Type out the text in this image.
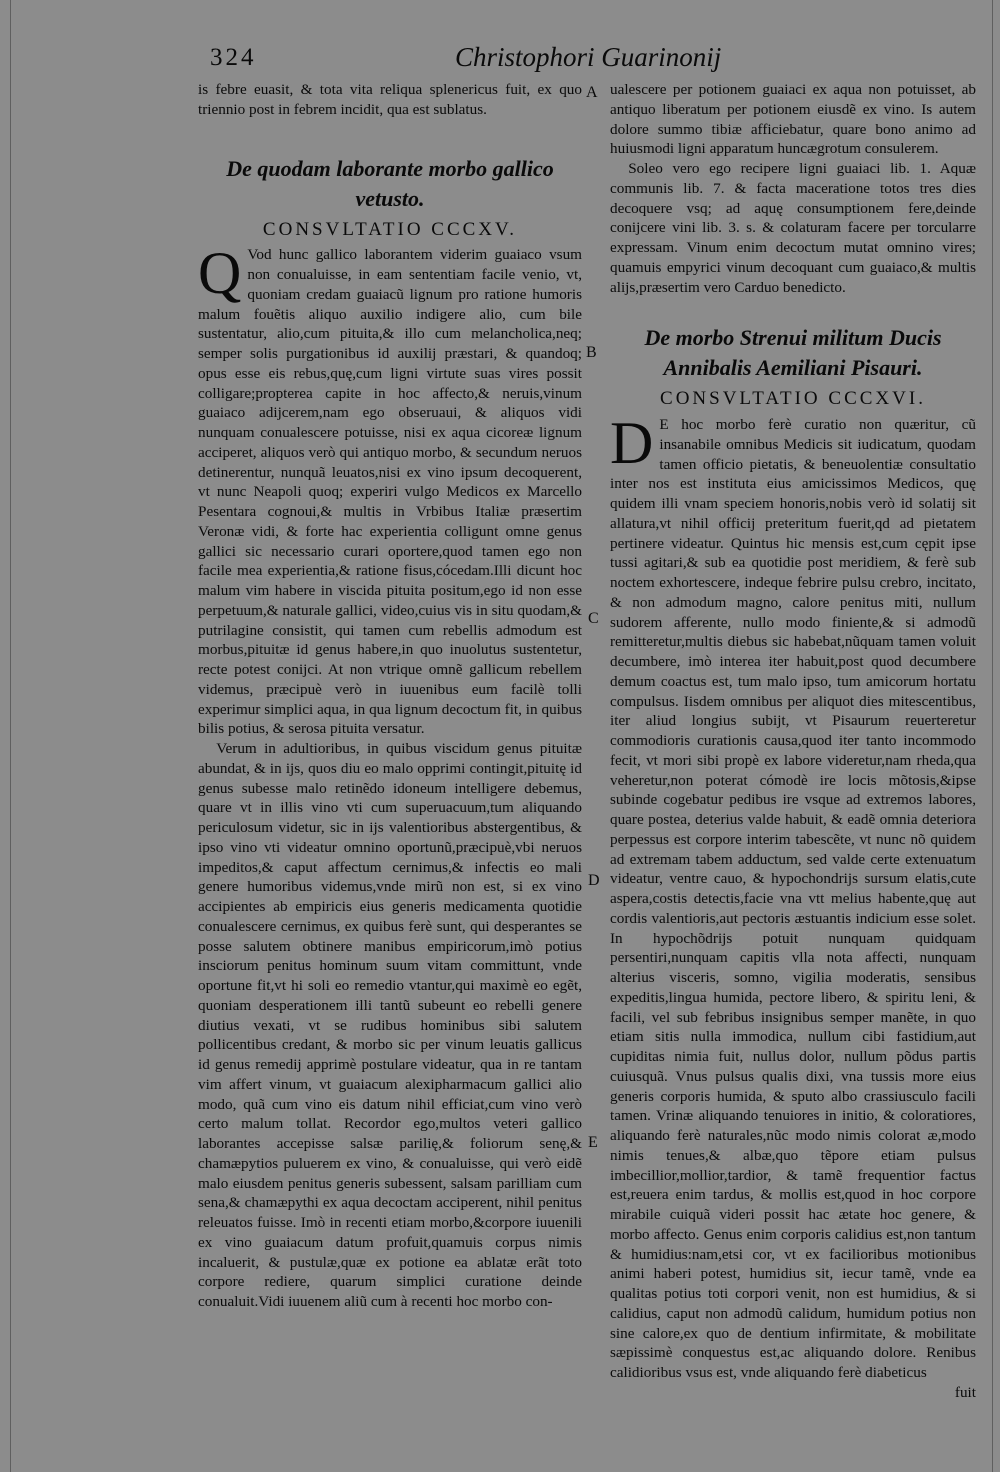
324	Christophori Guarinonij

is febre euasit, & tota vita reliqua splenericus fuit, ex quo triennio post in febrem incidit, qua est sublatus.

De quodam laborante morbo gallico vetusto.
CONSVLTATIO CCCXV.

Q Vod hunc gallico laborantem viderim guaiaco vsum non conualuisse, in eam sententiam facile venio, vt, quoniam credam guaiacũ lignum pro ratione humoris malum fouẽtis aliquo auxilio indigere alio, cum bile sustentatur, alio,cum pituita,& illo cum melancholica,neq; semper solis purgationibus id auxilij præstari, & quandoq; opus esse eis rebus,quę,cum ligni virtute suas vires possit colligare;propterea capite in hoc affecto,& neruis,vinum guaiaco adijcerem,nam ego obseruaui, & aliquos vidi nunquam conualescere potuisse, nisi ex aqua cicoreæ lignum acciperet, aliquos verò qui antiquo morbo, & secundum neruos detinerentur, nunquã leuatos,nisi ex vino ipsum decoquerent, vt nunc Neapoli quoq; experiri vulgo Medicos ex Marcello Pesentara cognoui,& multis in Vrbibus Italiæ præsertim Veronæ vidi, & forte hac experientia colligunt omne genus gallici sic necessario curari oportere,quod tamen ego non facile mea experientia,& ratione fisus,cócedam.Illi dicunt hoc malum vim habere in viscida pituita positum,ego id non esse perpetuum,& naturale gallici, video,cuius vis in situ quodam,& putrilagine consistit, qui tamen cum rebellis admodum est morbus,pituitæ id genus habere,in quo inuolutus sustentetur, recte potest conijci. At non vtrique omnẽ gallicum rebellem videmus, præcipuè verò in iuuenibus eum facilè tolli experimur simplici aqua, in qua lignum decoctum fit, in quibus bilis potius, & serosa pituita versatur.

Verum in adultioribus, in quibus viscidum genus pituitæ abundat, & in ijs, quos diu eo malo opprimi contingit,pituitę id genus subesse malo retinẽdo idoneum intelligere debemus, quare vt in illis vino vti cum superuacuum,tum aliquando periculosum videtur, sic in ijs valentioribus abstergentibus, & ipso vino vti videatur omnino oportunũ,præcipuè,vbi neruos impeditos,& caput affectum cernimus,& infectis eo mali genere humoribus videmus,vnde mirũ non est, si ex vino accipientes ab empiricis eius generis medicamenta quotidie conualescere cernimus, ex quibus ferè sunt, qui desperantes se posse salutem obtinere manibus empiricorum,imò potius insciorum penitus hominum suum vitam committunt, vnde oportune fit,vt hi soli eo remedio vtantur,qui maximè eo egẽt, quoniam desperationem illi tantũ subeunt eo rebelli genere diutius vexati, vt se rudibus hominibus sibi salutem pollicentibus credant, & morbo sic per vinum leuatis gallicus id genus remedij apprimè postulare videatur, qua in re tantam vim affert vinum, vt guaiacum alexipharmacum gallici alio modo, quã cum vino eis datum nihil efficiat,cum vino verò certo malum tollat. Recordor ego,multos veteri gallico laborantes accepisse salsæ parilię,& foliorum senę,& chamæpytios puluerem ex vino, & conualuisse, qui verò eidẽ malo eiusdem penitus generis subessent, salsam parilliam cum sena,& chamæpythi ex aqua decoctam acciperent, nihil penitus releuatos fuisse. Imò in recenti etiam morbo,&corpore iuuenili ex vino guaiacum datum profuit,quamuis corpus nimis incaluerit, & pustulæ,quæ ex potione ea ablatæ erãt toto corpore rediere, quarum simplici curatione deinde conualuit.Vidi iuuenem aliũ cum à recenti hoc morbo con-

ualescere per potionem guaiaci ex aqua non potuisset, ab antiquo liberatum per potionem eiusdẽ ex vino. Is autem dolore summo tibiæ afficiebatur, quare bono animo ad huiusmodi ligni apparatum huncægrotum consulerem.

Soleo vero ego recipere ligni guaiaci lib. 1. Aquæ communis lib. 7. & facta maceratione totos tres dies decoquere vsq; ad aquę consumptionem fere,deinde conijcere vini lib. 3. s. & colaturam facere per torcularre expressam. Vinum enim decoctum mutat omnino vires; quamuis empyrici vinum decoquant cum guaiaco,& multis alijs,præsertim vero Carduo benedicto.

De morbo Strenui militum Ducis Annibalis Aemiliani Pisauri.
CONSVLTATIO CCCXVI.

D E hoc morbo ferè curatio non quæritur, cũ insanabile omnibus Medicis sit iudicatum, quodam tamen officio pietatis, & beneuolentiæ consultatio inter nos est instituta eius amicissimos Medicos, quę quidem illi vnam speciem honoris,nobis verò id solatij sit allatura,vt nihil officij preteritum fuerit,qd ad pietatem pertinere videatur. Quintus hic mensis est,cum cępit ipse tussi agitari,& sub ea quotidie post meridiem, & ferè sub noctem exhortescere, indeque febrire pulsu crebro, incitato, & non admodum magno, calore penitus miti, nullum sudorem afferente, nullo modo finiente,& si admodũ remitteretur,multis diebus sic habebat,nũquam tamen voluit decumbere, imò interea iter habuit,post quod decumbere demum coactus est, tum malo ipso, tum amicorum hortatu compulsus. Iisdem omnibus per aliquot dies mitescentibus, iter aliud longius subijt, vt Pisaurum reuerteretur commodioris curationis causa,quod iter tanto incommodo fecit, vt mori sibi propè ex labore videretur,nam rheda,qua veheretur,non poterat cómodè ire locis mõtosis,&ipse subinde cogebatur pedibus ire vsque ad extremos labores, quare postea, deterius valde habuit, & eadẽ omnia deteriora perpessus est corpore interim tabescẽte, vt nunc nõ quidem ad extremam tabem adductum, sed valde certe extenuatum videatur, ventre cauo, & hypochondrijs sursum elatis,cute aspera,costis detectis,facie vna vtt melius habente,quę aut cordis valentioris,aut pectoris æstuantis indicium esse solet. In hypochõdrijs potuit nunquam quidquam persentiri,nunquam capitis vlla nota affecti, nunquam alterius visceris, somno, vigilia moderatis, sensibus expeditis,lingua humida, pectore libero, & spiritu leni, & facili, vel sub febribus insignibus semper manẽte, in quo etiam sitis nulla immodica, nullum cibi fastidium,aut cupiditas nimia fuit, nullus dolor, nullum põdus partis cuiusquã. Vnus pulsus qualis dixi, vna tussis more eius generis corporis humida, & sputo albo crassiusculo facili tamen. Vrinæ aliquando tenuiores in initio, & coloratiores, aliquando ferè naturales,nũc modo nimis colorat æ,modo nimis tenues,& albæ,quo tẽpore etiam pulsus imbecillior,mollior,tardior, & tamẽ frequentior factus est,reuera enim tardus, & mollis est,quod in hoc corpore mirabile cuiquã videri possit hac ætate hoc genere, & morbo affecto. Genus enim corporis calidius est,non tantum & humidius:nam,etsi cor, vt ex facilioribus motionibus animi haberi potest, humidius sit, iecur tamẽ, vnde ea qualitas potius toti corpori venit, non est humidius, & si calidius, caput non admodũ calidum, humidum potius non sine calore,ex quo de dentium infirmitate, & mobilitate sæpissimè conquestus est,ac aliquando dolore. Renibus calidioribus vsus est, vnde aliquando ferè diabeticus

fuit

A
B
C
D
E
